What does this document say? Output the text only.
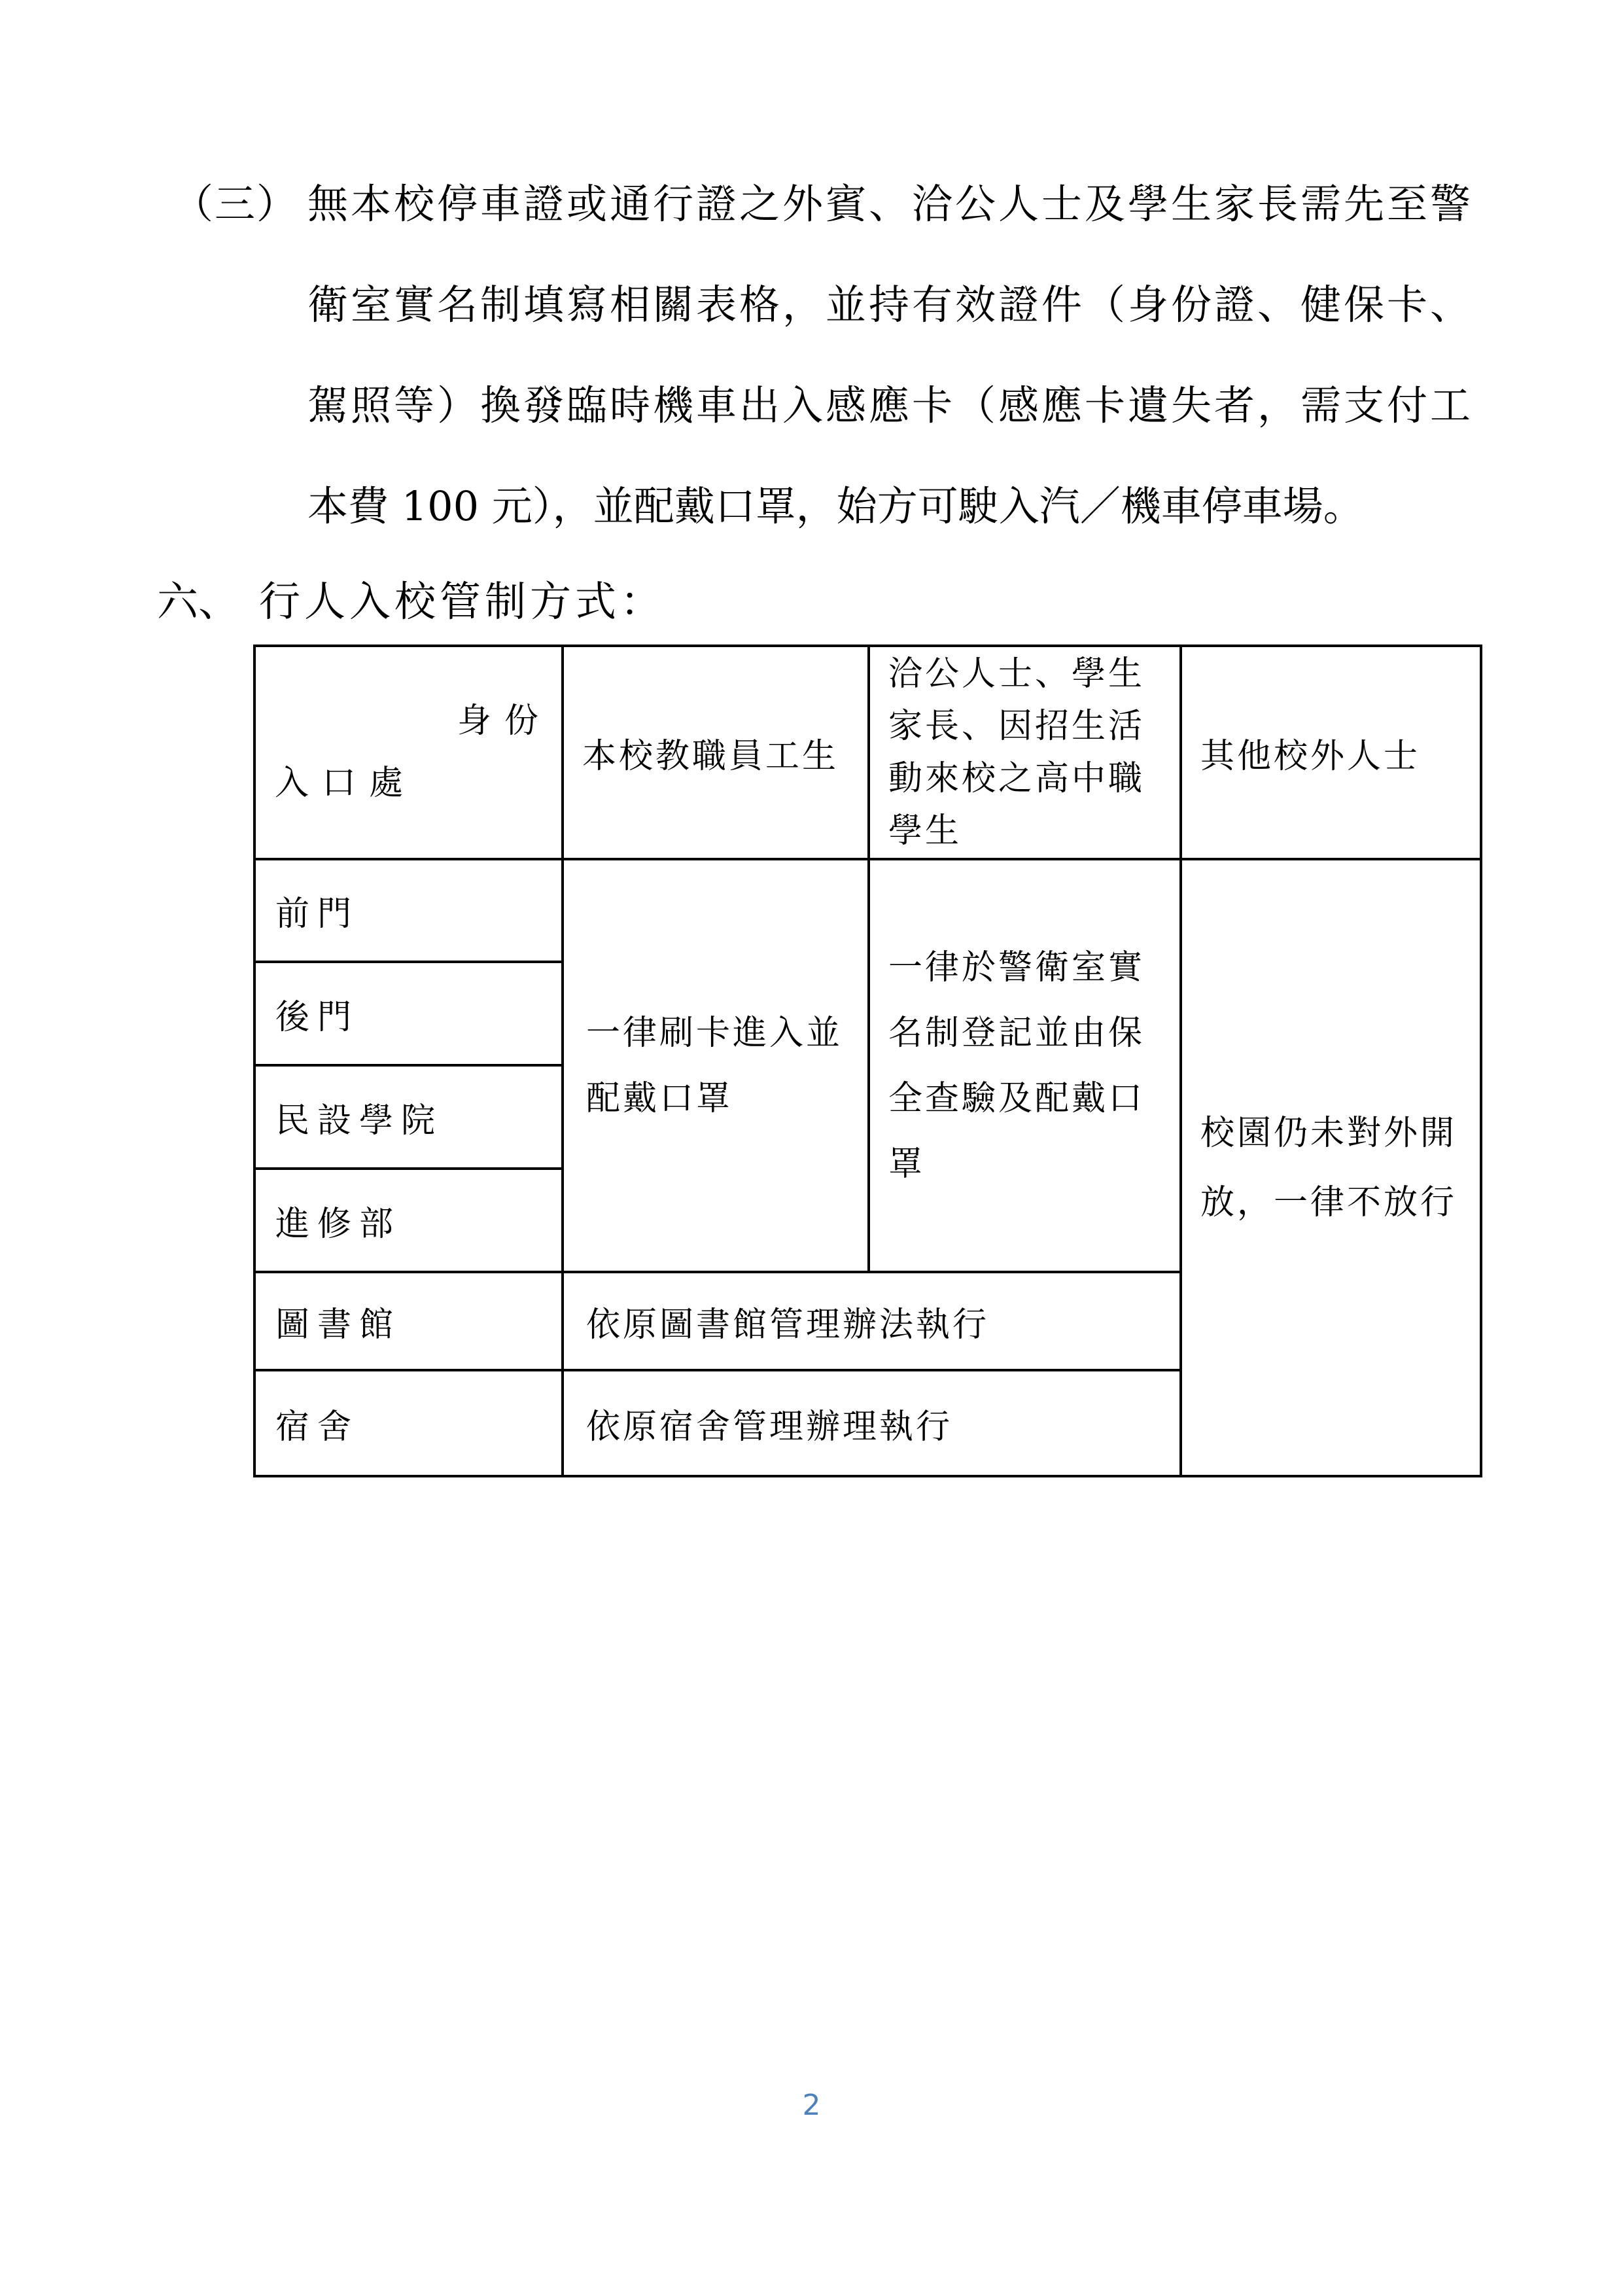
（三） 無本校停車證或通行證之外賓、洽公人士及學生家長需先至警
衛室實名制填寫相關表格，並持有效證件（身份證、健保卡、
駕照等）換發臨時機車出入感應卡（感應卡遺失者，需支付工
本費 100 元），並配戴口罩，始方可駛入汽／機車停車場。
六、 行人入校管制方式：
身份
入口處	本校教職員工生	洽公人士、學生家長、因招生活動來校之高中職學生	其他校外人士
前門	一律刷卡進入並配戴口罩	一律於警衛室實名制登記並由保全查驗及配戴口罩	校園仍未對外開放，一律不放行
後門			
民設學院			
進修部			
圖書館	依原圖書館管理辦法執行		
宿舍	依原宿舍管理辦理執行		
2
